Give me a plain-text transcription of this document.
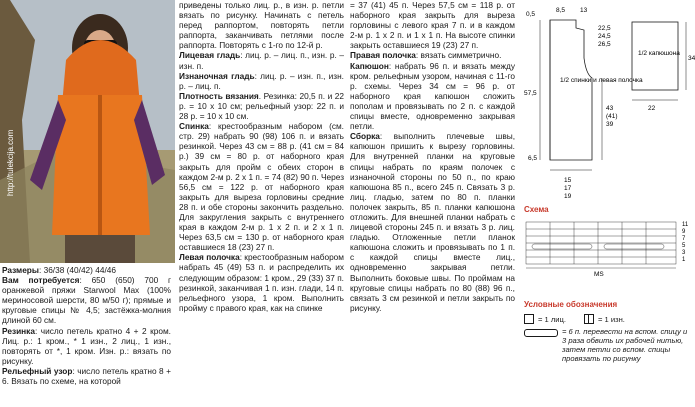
http://tulekcija.com

Размеры: 36/38 (40/42) 44/46

Вам потребуется: 650 (650) 700 г оранжевой пряжи Starwool Max (100% мериносовой шерсти, 80 м/50 г); прямые и круговые спицы № 4,5; застёжка-молния длиной 60 см.

Резинка: число петель кратно 4 + 2 кром. Лиц. р.: 1 кром., * 1 изн., 2 лиц., 1 изн., повторять от *, 1 кром. Изн. р.: вязать по рисунку.

Рельефный узор: число петель кратно 8 + 6. Вязать по схеме, на которой

приведены только лиц. р., в изн. р. петли вязать по рисунку. Начинать с петель перед раппортом, повторять петли раппорта, заканчивать петлями после раппорта. Повторять с 1-го по 12-й р.

Лицевая гладь: лиц. р. – лиц. п., изн. р. – изн. п.

Изнаночная гладь: лиц. р. – изн. п., изн. р. – лиц. п.

Плотность вязания. Резинка: 20,5 п. и 22 р. = 10 х 10 см; рельефный узор: 22 п. и 28 р. = 10 х 10 см.

Спинка: крестообразным набором (см. стр. 29) набрать 90 (98) 106 п. и вязать резинкой. Через 43 см = 88 р. (41 см = 84 р.) 39 см = 80 р. от наборного края закрыть для пройм с обеих сторон в каждом 2-м р. 2 x 1 п. = 74 (82) 90 п. Через 56,5 см = 122 р. от наборного края закрыть для выреза горловины средние 28 п. и обе стороны закончить раздельно. Для закругления закрыть с внутреннего края в каждом 2-м р. 1 x 2 п. и 2 x 1 п. Через 63,5 см = 130 р. от наборного края оставшиеся 18 (23) 27 п.

Левая полочка: крестообразным набором набрать 45 (49) 53 п. и распределить их следующим образом: 1 кром., 29 (33) 37 п. резинкой, заканчивая 1 п. изн. глади, 14 п. рельефного узора, 1 кром. Выполнить пройму с правого края, как на спинке

= 37 (41) 45 п. Через 57,5 см = 118 р. от наборного края закрыть для выреза горловины с левого края 7 п. и в каждом 2-м р. 1 x 2 п. и 1 x 1 п. На высоте спинки закрыть оставшиеся 19 (23) 27 п.

Правая полочка: вязать симметрично.

Капюшон: набрать 96 п. и вязать между кром. рельефным узором, начиная с 11-го р. схемы. Через 34 см = 96 р. от наборного края капюшон сложить пополам и провязывать по 2 п. с каждой спицы вместе, одновременно закрывая петли.

Сборка: выполнить плечевые швы, капюшон пришить к вырезу горловины. Для внутренней планки на круговые спицы набрать по краям полочек с изнаночной стороны по 50 п., по краю капюшона 85 п., всего 245 п. Связать 3 р. лиц. гладью, затем по 80 п. планки полочек закрыть, 85 п. планки капюшона отложить. Для внешней планки набрать с лицевой стороны 245 п. и вязать 3 р. лиц. гладью. Отложенные петли планок капюшона сложить и провязывать по 1 п. с каждой спицы вместе лиц., одновременно закрывая петли. Выполнить боковые швы. По проймам на круговые спицы набрать по 80 (88) 96 п., связать 3 см резинкой и петли закрыть по рисунку.

1/2 спинки и левая полочка
1/2 капюшона
0,5
8,5 13
22,5
24,5
26,5
57,5
43
(41)
39
15
17
19
6,5
34
22
Схема
11
9
7
5
3
1
MS
Условные обозначения
= 1 лиц.	= 1 изн.
= 6 п. перевести на вспом. спицу и 3 раза обвить их рабочей нитью, затем петли со вспом. спицы провязать по рисунку
